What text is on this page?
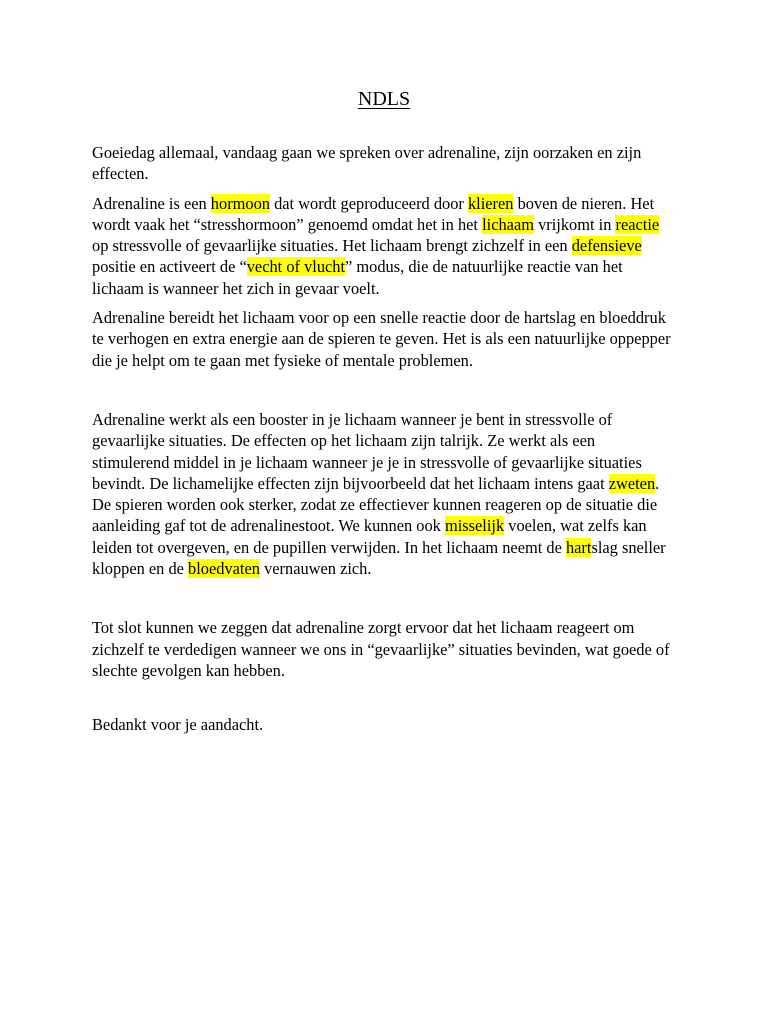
NDLS

Goeiedag allemaal, vandaag gaan we spreken over adrenaline, zijn oorzaken en zijn effecten.

Adrenaline is een hormoon dat wordt geproduceerd door klieren boven de nieren. Het wordt vaak het “stresshormoon” genoemd omdat het in het lichaam vrijkomt in reactie op stressvolle of gevaarlijke situaties. Het lichaam brengt zichzelf in een defensieve positie en activeert de “vecht of vlucht” modus, die de natuurlijke reactie van het lichaam is wanneer het zich in gevaar voelt.

Adrenaline bereidt het lichaam voor op een snelle reactie door de hartslag en bloeddruk te verhogen en extra energie aan de spieren te geven. Het is als een natuurlijke oppepper die je helpt om te gaan met fysieke of mentale problemen.

Adrenaline werkt als een booster in je lichaam wanneer je bent in stressvolle of gevaarlijke situaties. De effecten op het lichaam zijn talrijk. Ze werkt als een stimulerend middel in je lichaam wanneer je je in stressvolle of gevaarlijke situaties bevindt. De lichamelijke effecten zijn bijvoorbeeld dat het lichaam intens gaat zweten. De spieren worden ook sterker, zodat ze effectiever kunnen reageren op de situatie die aanleiding gaf tot de adrenalinestoot. We kunnen ook misselijk voelen, wat zelfs kan leiden tot overgeven, en de pupillen verwijden. In het lichaam neemt de hartslag sneller kloppen en de bloedvaten vernauwen zich.

Tot slot kunnen we zeggen dat adrenaline zorgt ervoor dat het lichaam reageert om zichzelf te verdedigen wanneer we ons in “gevaarlijke” situaties bevinden, wat goede of slechte gevolgen kan hebben.

Bedankt voor je aandacht.
